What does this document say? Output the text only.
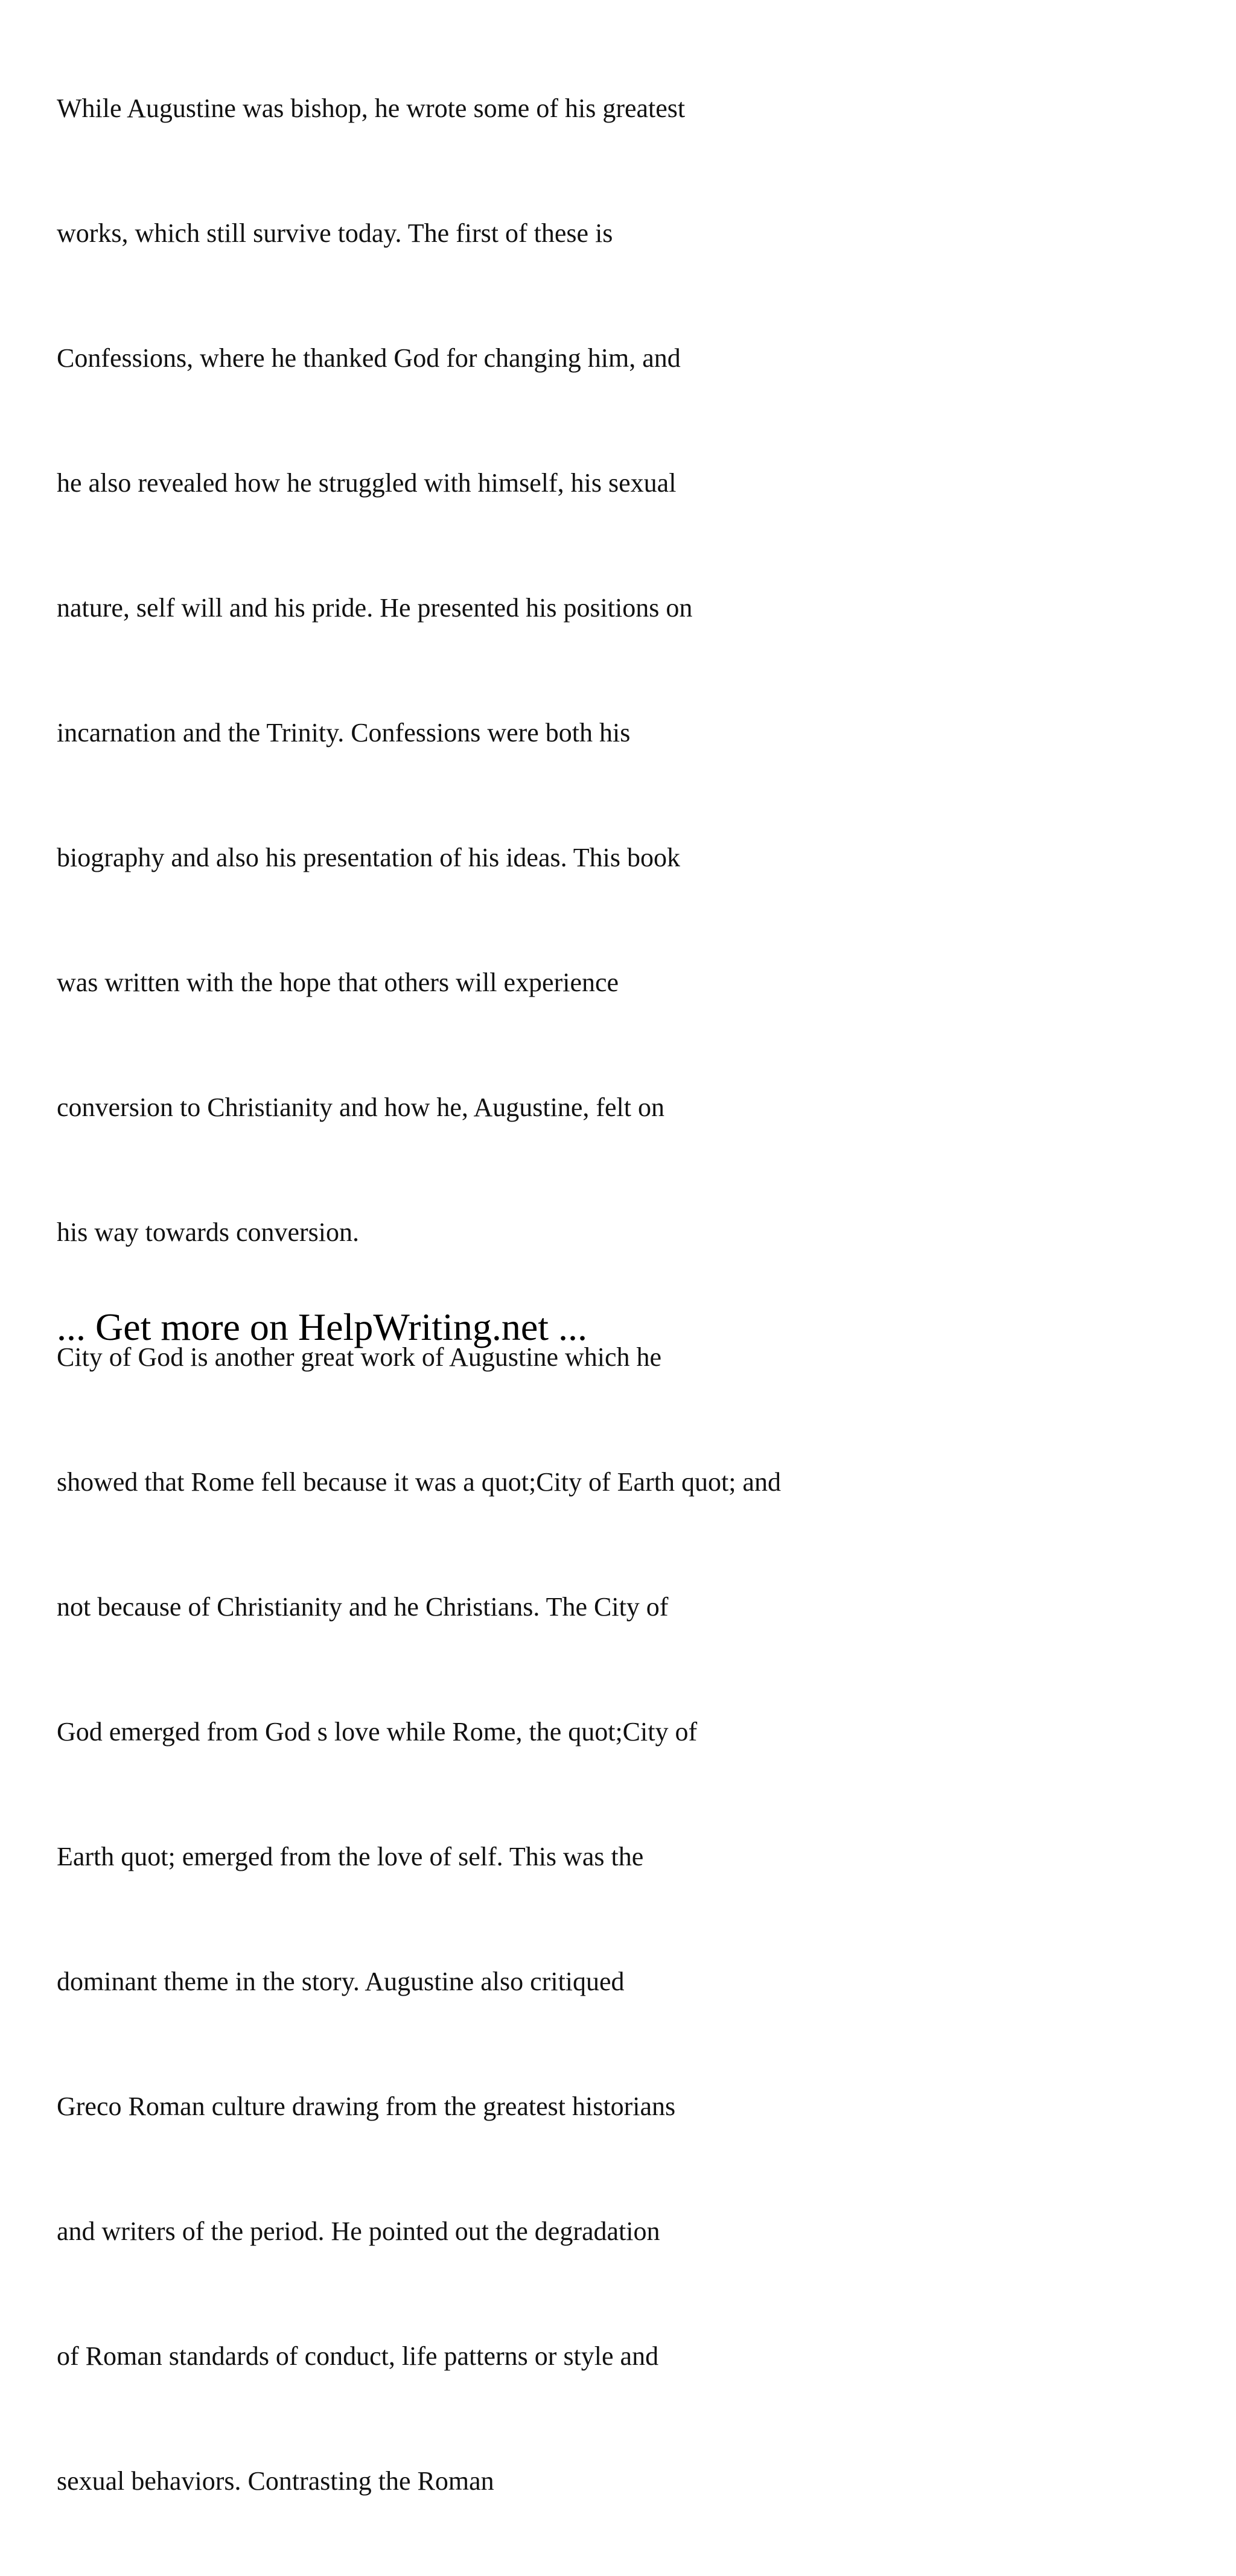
While Augustine was bishop, he wrote some of his greatest

works, which still survive today. The first of these is

Confessions, where he thanked God for changing him, and

he also revealed how he struggled with himself, his sexual

nature, self will and his pride. He presented his positions on

incarnation and the Trinity. Confessions were both his

biography and also his presentation of his ideas. This book

was written with the hope that others will experience

conversion to Christianity and how he, Augustine, felt on

his way towards conversion.

City of God is another great work of Augustine which he

showed that Rome fell because it was a quot;City of Earth quot; and

not because of Christianity and he Christians. The City of

God emerged from God s love while Rome, the quot;City of

Earth quot; emerged from the love of self. This was the

dominant theme in the story. Augustine also critiqued

Greco Roman culture drawing from the greatest historians

and writers of the period. He pointed out the degradation

of Roman standards of conduct, life patterns or style and

sexual behaviors. Contrasting the Roman

... Get more on HelpWriting.net ...
